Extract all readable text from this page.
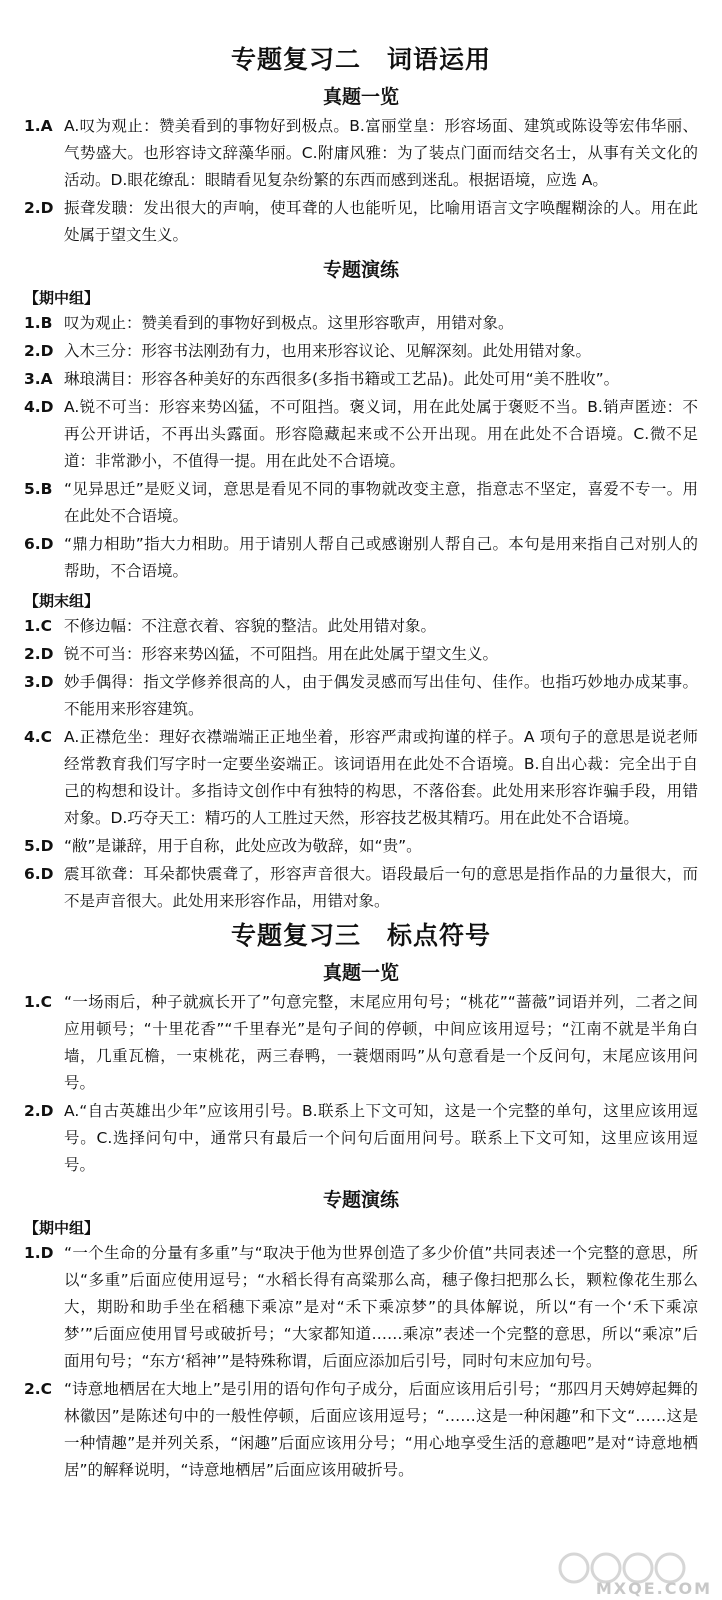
专题复习二　词语运用
真题一览
1.A A.叹为观止：赞美看到的事物好到极点。B.富丽堂皇：形容场面、建筑或陈设等宏伟华丽、气势盛大。也形容诗文辞藻华丽。C.附庸风雅：为了装点门面而结交名士，从事有关文化的活动。D.眼花缭乱：眼睛看见复杂纷繁的东西而感到迷乱。根据语境，应选 A。
2.D 振聋发聩：发出很大的声响，使耳聋的人也能听见，比喻用语言文字唤醒糊涂的人。用在此处属于望文生义。
专题演练
【期中组】
1.B 叹为观止：赞美看到的事物好到极点。这里形容歌声，用错对象。
2.D 入木三分：形容书法刚劲有力，也用来形容议论、见解深刻。此处用错对象。
3.A 琳琅满目：形容各种美好的东西很多(多指书籍或工艺品)。此处可用“美不胜收”。
4.D A.锐不可当：形容来势凶猛，不可阻挡。褒义词，用在此处属于褒贬不当。B.销声匿迹：不再公开讲话，不再出头露面。形容隐藏起来或不公开出现。用在此处不合语境。C.微不足道：非常渺小，不值得一提。用在此处不合语境。
5.B “见异思迁”是贬义词，意思是看见不同的事物就改变主意，指意志不坚定，喜爱不专一。用在此处不合语境。
6.D “鼎力相助”指大力相助。用于请别人帮自己或感谢别人帮自己。本句是用来指自己对别人的帮助，不合语境。
【期末组】
1.C 不修边幅：不注意衣着、容貌的整洁。此处用错对象。
2.D 锐不可当：形容来势凶猛，不可阻挡。用在此处属于望文生义。
3.D 妙手偶得：指文学修养很高的人，由于偶发灵感而写出佳句、佳作。也指巧妙地办成某事。不能用来形容建筑。
4.C A.正襟危坐：理好衣襟端端正正地坐着，形容严肃或拘谨的样子。A 项句子的意思是说老师经常教育我们写字时一定要坐姿端正。该词语用在此处不合语境。B.自出心裁：完全出于自己的构想和设计。多指诗文创作中有独特的构思，不落俗套。此处用来形容诈骗手段，用错对象。D.巧夺天工：精巧的人工胜过天然，形容技艺极其精巧。用在此处不合语境。
5.D “敝”是谦辞，用于自称，此处应改为敬辞，如“贵”。
6.D 震耳欲聋：耳朵都快震聋了，形容声音很大。语段最后一句的意思是指作品的力量很大，而不是声音很大。此处用来形容作品，用错对象。
专题复习三　标点符号
真题一览
1.C “一场雨后，种子就疯长开了”句意完整，末尾应用句号；“桃花”“蔷薇”词语并列，二者之间应用顿号；“十里花香”“千里春光”是句子间的停顿，中间应该用逗号；“江南不就是半角白墙，几重瓦檐，一束桃花，两三春鸭，一蓑烟雨吗”从句意看是一个反问句，末尾应该用问号。
2.D A.“自古英雄出少年”应该用引号。B.联系上下文可知，这是一个完整的单句，这里应该用逗号。C.选择问句中，通常只有最后一个问句后面用问号。联系上下文可知，这里应该用逗号。
专题演练
【期中组】
1.D “一个生命的分量有多重”与“取决于他为世界创造了多少价值”共同表述一个完整的意思，所以“多重”后面应使用逗号；“水稻长得有高粱那么高，穗子像扫把那么长，颗粒像花生那么大，期盼和助手坐在稻穗下乘凉”是对“禾下乘凉梦”的具体解说，所以“有一个‘禾下乘凉梦’”后面应使用冒号或破折号；“大家都知道……乘凉”表述一个完整的意思，所以“乘凉”后面用句号；“东方‘稻神’”是特殊称谓，后面应添加后引号，同时句末应加句号。
2.C “诗意地栖居在大地上”是引用的语句作句子成分，后面应该用后引号；“那四月天娉婷起舞的林徽因”是陈述句中的一般性停顿，后面应该用逗号；“……这是一种闲趣”和下文“……这是一种情趣”是并列关系，“闲趣”后面应该用分号；“用心地享受生活的意趣吧”是对“诗意地栖居”的解释说明，“诗意地栖居”后面应该用破折号。
MXQE.COM
